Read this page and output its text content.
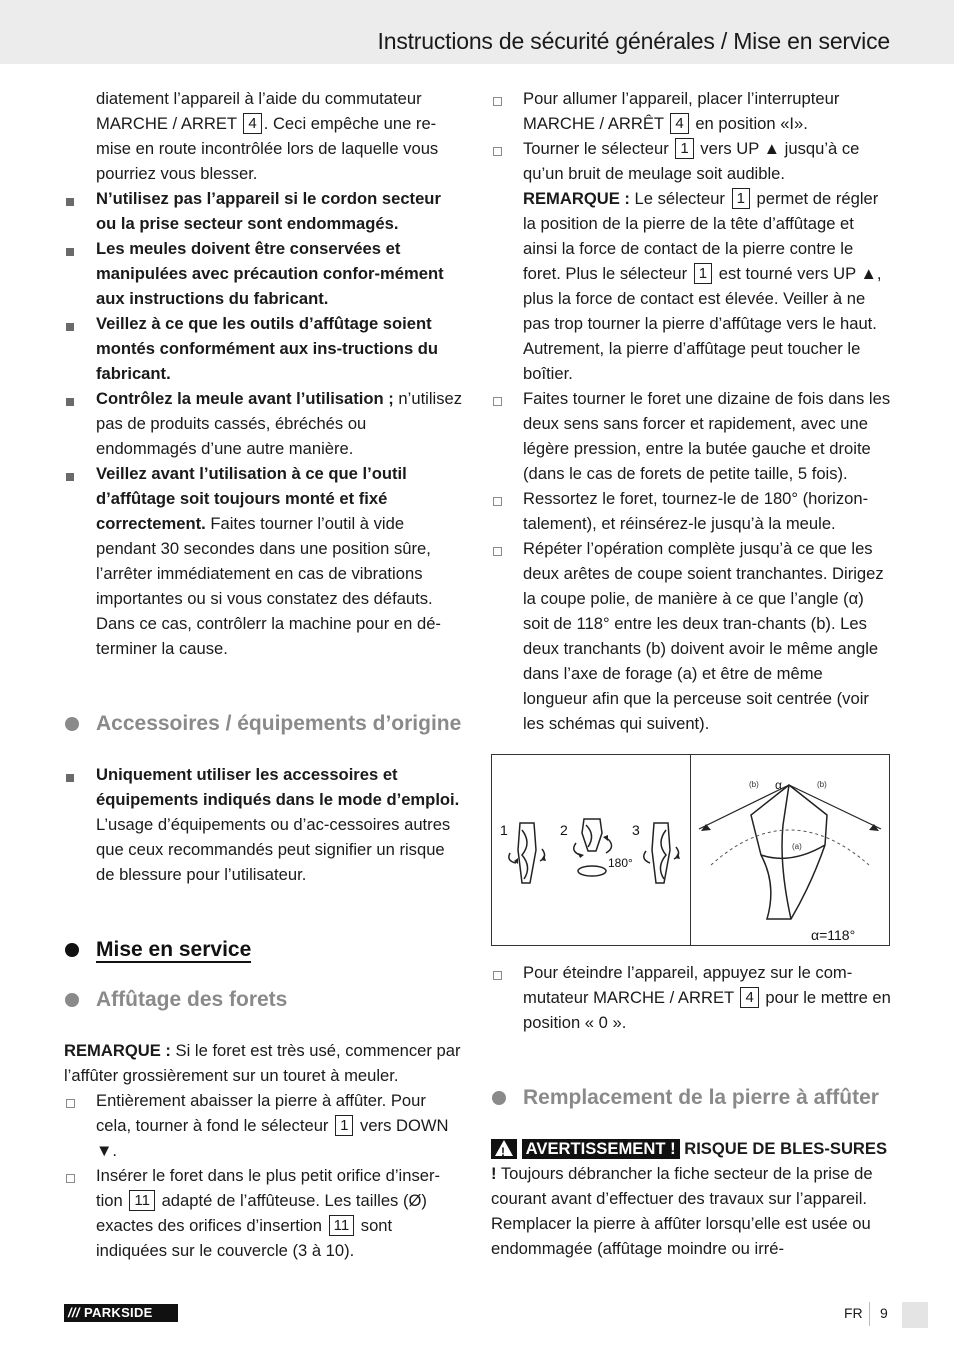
Instructions de sécurité générales / Mise en service
diatement l’appareil à l’aide du commutateur MARCHE / ARRET 4 . Ceci empêche une re-mise en route incontrôlée lors de laquelle vous pourriez vous blesser.
N’utilisez pas l’appareil si le cordon secteur ou la prise secteur sont endommagés.
Les meules doivent être conservées et manipulées avec précaution confor-mément aux instructions du fabricant.
Veillez à ce que les outils d’affûtage soient montés conformément aux ins-tructions du fabricant.
Contrôlez la meule avant l’utilisation ; n’utilisez pas de produits cassés, ébréchés ou endommagés d’une autre manière.
Veillez avant l’utilisation à ce que l’outil d’affûtage soit toujours monté et fixé correctement. Faites tourner l’outil à vide pendant 30 secondes dans une position sûre, l’arrêter immédiatement en cas de vibrations importantes ou si vous constatez des défauts. Dans ce cas, contrôlerr la machine pour en dé-terminer la cause.
Accessoires / équipements d’origine
Uniquement utiliser les accessoires et équipements indiqués dans le mode d’emploi. L’usage d’équipements ou d’ac-cessoires autres que ceux recommandés peut signifier un risque de blessure pour l’utilisateur.
Mise en service
Affûtage des forets
REMARQUE : Si le foret est très usé, commencer par l’affûter grossièrement sur un touret à meuler.
Entièrement abaisser la pierre à affûter. Pour cela, tourner à fond le sélecteur 1 vers DOWN ▼.
Insérer le foret dans le plus petit orifice d’inser-tion 11 adapté de l’affûteuse. Les tailles (Ø) exactes des orifices d’insertion 11 sont indiquées sur le couvercle (3 à 10).
Pour allumer l’appareil, placer l’interrupteur MARCHE / ARRÊT 4 en position «I».
Tourner le sélecteur 1 vers UP ▲ jusqu’à ce qu’un bruit de meulage soit audible.
REMARQUE : Le sélecteur 1 permet de régler la position de la pierre de la tête d’affûtage et ainsi la force de contact de la pierre contre le foret. Plus le sélecteur 1 est tourné vers UP ▲, plus la force de contact est élevée. Veiller à ne pas trop tourner la pierre d’affûtage vers le haut. Autrement, la pierre d’affûtage peut toucher le boîtier.
Faites tourner le foret une dizaine de fois dans les deux sens sans forcer et rapidement, avec une légère pression, entre la butée gauche et droite (dans le cas de forets de petite taille, 5 fois).
Ressortez le foret, tournez-le de 180° (horizon-talement), et réinsérez-le jusqu’à la meule.
Répéter l’opération complète jusqu’à ce que les deux arêtes de coupe soient tranchantes. Dirigez la coupe polie, de manière à ce que l’angle (α) soit de 118° entre les deux tran-chants (b). Les deux tranchants (b) doivent avoir le même angle dans l’axe de forage (a) et être de même longueur afin que la perceuse soit centrée (voir les schémas qui suivent).
1	2	3
180°
(b)	(b)
α
(a)
α=118°
Pour éteindre l’appareil, appuyez sur le com-mutateur MARCHE / ARRET 4 pour le mettre en position « 0 ».
Remplacement de la pierre à affûter
! AVERTISSEMENT ! RISQUE DE BLES-SURES ! Toujours débrancher la fiche secteur de la prise de courant avant d’effectuer des travaux sur l’appareil. Remplacer la pierre à affûter lorsqu’elle est usée ou endommagée (affûtage moindre ou irré-
/// PARKSIDE	FR 9
